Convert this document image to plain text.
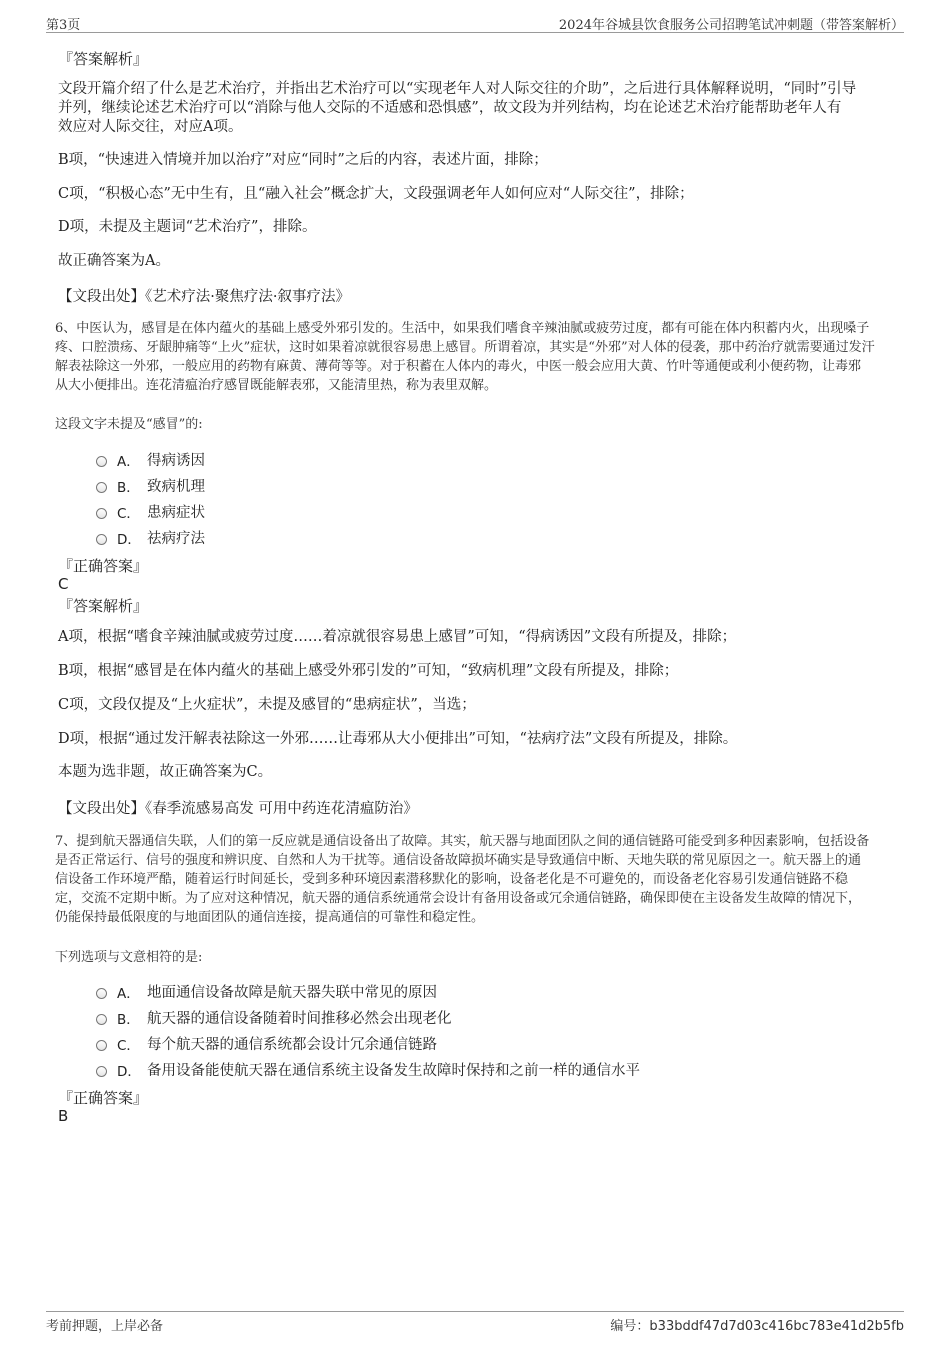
第3页	2024年谷城县饮食服务公司招聘笔试冲刺题（带答案解析）
『答案解析』
文段开篇介绍了什么是艺术治疗，并指出艺术治疗可以“实现老年人对人际交往的介助”，之后进行具体解释说明，“同时”引导
并列，继续论述艺术治疗可以“消除与他人交际的不适感和恐惧感”，故文段为并列结构，均在论述艺术治疗能帮助老年人有
效应对人际交往，对应A项。
B项，“快速进入情境并加以治疗”对应“同时”之后的内容，表述片面，排除；
C项，“积极心态”无中生有，且“融入社会”概念扩大，文段强调老年人如何应对“人际交往”，排除；
D项，未提及主题词“艺术治疗”，排除。
故正确答案为A。
【文段出处】《艺术疗法·聚焦疗法·叙事疗法》
6、中医认为，感冒是在体内蕴火的基础上感受外邪引发的。生活中，如果我们嗜食辛辣油腻或疲劳过度，都有可能在体内积蓄内火，出现嗓子
疼、口腔溃疡、牙龈肿痛等“上火”症状，这时如果着凉就很容易患上感冒。所谓着凉，其实是“外邪”对人体的侵袭，那中药治疗就需要通过发汗
解表祛除这一外邪，一般应用的药物有麻黄、薄荷等等。对于积蓄在人体内的毒火，中医一般会应用大黄、竹叶等通便或利小便药物，让毒邪
从大小便排出。连花清瘟治疗感冒既能解表邪，又能清里热，称为表里双解。
这段文字未提及“感冒”的:
A． 得病诱因
B． 致病机理
C． 患病症状
D． 祛病疗法
『正确答案』
C
『答案解析』
A项，根据“嗜食辛辣油腻或疲劳过度……着凉就很容易患上感冒”可知，“得病诱因”文段有所提及，排除；
B项，根据“感冒是在体内蕴火的基础上感受外邪引发的”可知，“致病机理”文段有所提及，排除；
C项，文段仅提及“上火症状”，未提及感冒的“患病症状”，当选；
D项，根据“通过发汗解表祛除这一外邪……让毒邪从大小便排出”可知，“祛病疗法”文段有所提及，排除。
本题为选非题，故正确答案为C。
【文段出处】《春季流感易高发 可用中药连花清瘟防治》
7、提到航天器通信失联，人们的第一反应就是通信设备出了故障。其实，航天器与地面团队之间的通信链路可能受到多种因素影响，包括设备
是否正常运行、信号的强度和辨识度、自然和人为干扰等。通信设备故障损坏确实是导致通信中断、天地失联的常见原因之一。航天器上的通
信设备工作环境严酷，随着运行时间延长，受到多种环境因素潜移默化的影响，设备老化是不可避免的，而设备老化容易引发通信链路不稳
定，交流不定期中断。为了应对这种情况，航天器的通信系统通常会设计有备用设备或冗余通信链路，确保即使在主设备发生故障的情况下，
仍能保持最低限度的与地面团队的通信连接，提高通信的可靠性和稳定性。
下列选项与文意相符的是:
A． 地面通信设备故障是航天器失联中常见的原因
B． 航天器的通信设备随着时间推移必然会出现老化
C． 每个航天器的通信系统都会设计冗余通信链路
D． 备用设备能使航天器在通信系统主设备发生故障时保持和之前一样的通信水平
『正确答案』
B
考前押题，上岸必备	编号：b33bddf47d7d03c416bc783e41d2b5fb
